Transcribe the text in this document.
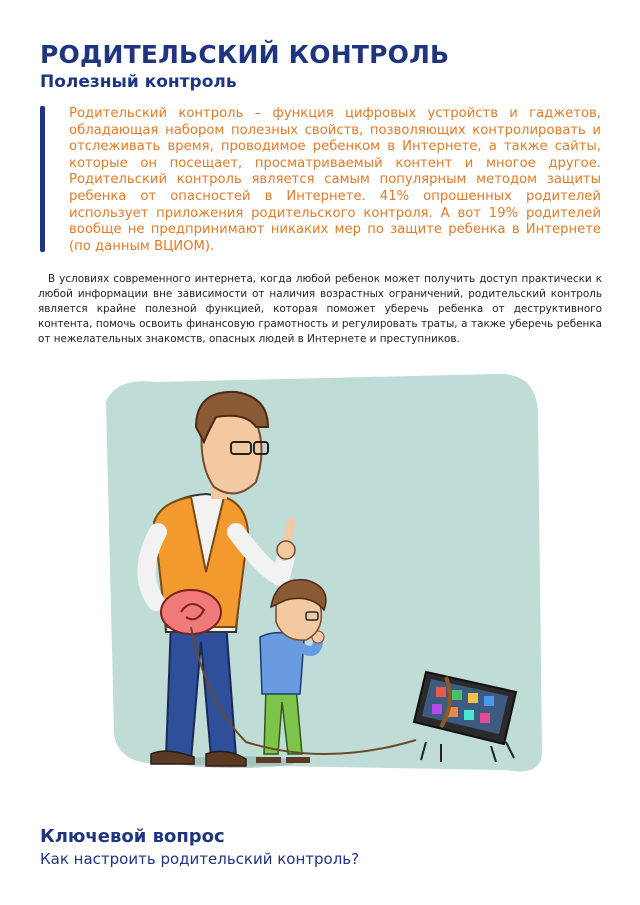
РОДИТЕЛЬСКИЙ КОНТРОЛЬ
Полезный контроль

Родительский контроль – функция цифровых устройств и гаджетов, обладающая набором полезных свойств, позволяющих контролировать и отслеживать время, проводимое ребенком в Интернете, а также сайты, которые он посещает, просматриваемый контент и многое другое. Родительский контроль является самым популярным методом защиты ребенка от опасностей в Интернете. 41% опрошенных родителей использует приложения родительского контроля. А вот 19% родителей вообще не предпринимают никаких мер по защите ребенка в Интернете (по данным ВЦИОМ).

В условиях современного интернета, когда любой ребенок может получить доступ практически к любой информации вне зависимости от наличия возрастных ограничений, родительский контроль является крайне полезной функцией, которая поможет уберечь ребенка от деструктивного контента, помочь освоить финансовую грамотность и регулировать траты, а также уберечь ребенка от нежелательных знакомств, опасных людей в Интернете и преступников.

Ключевой вопрос

Как настроить родительский контроль?
